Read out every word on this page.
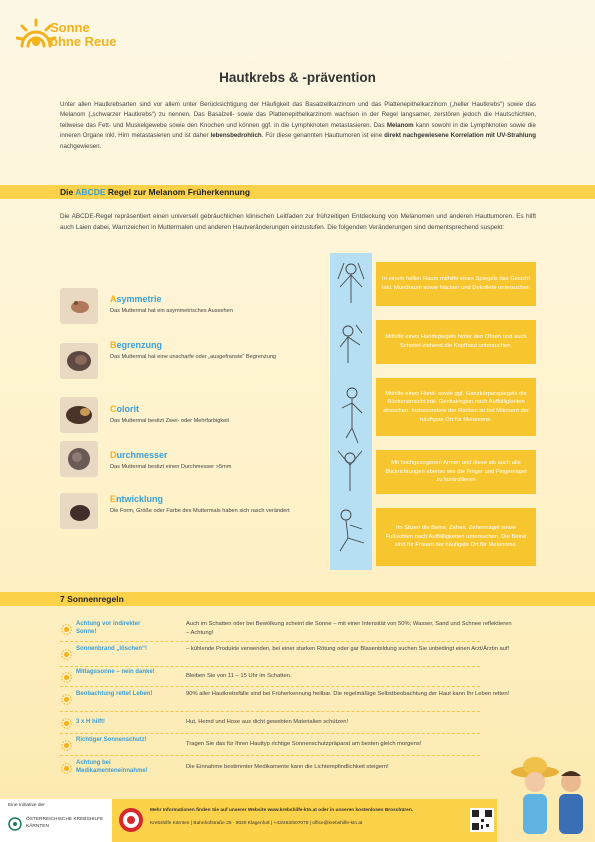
Sonne
ohne Reue
Hautkrebs & -prävention
Unter allen Hautkrebsarten sind vor allem unter Berücksichtigung der Häufigkeit das Basalzellkarzinom und das Plattenepithelkarzinom („heller Hautkrebs“) sowie das Melanom („schwarzer Hautkrebs“) zu nennen. Das Basalzell- sowie das Plattenepithelkarzinom wachsen in der Regel langsamer, zerstören jedoch die Hautschichten, teilweise das Fett- und Muskelgewebe sowie den Knochen und können ggf. in die Lymphknoten metastasieren. Das Melanom kann sowohl in die Lymphknoten sowie die inneren Organe inkl. Hirn metastasieren und ist daher lebensbedrohlich. Für diese genannten Hauttumoren ist eine direkt nachgewiesene Korrelation mit UV-Strahlung nachgewiesen.
Die ABCDE Regel zur Melanom Früherkennung
Die ABCDE-Regel repräsentiert einen universell gebräuchlichen klinischen Leitfaden zur frühzeitigen Entdeckung von Melanomen und anderen Hauttumoren. Es hilft auch Laien dabei, Warnzeichen in Muttermalen und anderen Hautveränderungen einzustufen. Die folgenden Veränderungen sind dementsprechend suspekt:
Asymmetrie
Das Muttermal hat ein asymmetrisches Aussehen
Begrenzung
Das Muttermal hat eine unscharfe oder „ausgefranste“ Begrenzung
Colorit
Das Muttermal besitzt Zwei- oder Mehrfarbigkeit
Durchmesser
Das Muttermal besitzt einen Durchmesser >5mm
Entwicklung
Die Form, Größe oder Farbe des Muttermals haben sich rasch verändert
In einem hellen Raum mithilfe eines Spiegels das Gesicht inkl. Mundraum sowie Nacken und Dekolleté untersuchen
Mithilfe eines Handspiegels hinter den Ohren und auch Scheitel-ziehend die Kopfhaut untersuchen.
Mithilfe eines Hand- sowie ggf. Ganzkörperspiegels die Rückenansicht inkl. Genitalregion nach Auffälligkeiten absuchen. Insbesondere der Rücken ist bei Männern der häufigste Ort für Melanome.
Mit hochgezogenen Armen und diese als auch alle Blickrichtungen ebenso wie die Finger und Fingernägel zu kontrollieren
Im Sitzen die Beine, Zehen, Zehennägel sowie Fußsohlen nach Auffälligkeiten untersuchen. Die Beine sind für Frauen der häufigste Ort für Melanome.
7 Sonnenregeln
Achtung vor indirekter Sonne!
Auch im Schatten oder bei Bewölkung scheint die Sonne – mit einer Intensität von 50%; Wasser, Sand und Schnee reflektieren – Achtung!
Sonnenbrand „löschen“!	– kühlende Produkte verwenden, bei einer starken Rötung oder gar Blasenbildung suchen Sie unbedingt einen Arzt/Ärztin auf!
Mittagssonne – nein danke!
Bleiben Sie von 11 – 15 Uhr im Schatten.
Beobachtung rettet Leben!	90% aller Hautkrebsfälle sind bei Früherkennung heilbar. Die regelmäßige Selbstbeobachtung der Haut kann Ihr Leben retten!
3 x H hilft!	Hut, Hemd und Hose aus dicht gewebten Materialien schützen!
Richtiger Sonnenschutz!
Tragen Sie das für Ihren Hauttyp richtige Sonnenschutzpräparat am besten gleich morgens!
Achtung bei Medikamenteneinnahme!
Die Einnahme bestimmter Medikamente kann die Lichtempfindlichkeit steigern!
Eine Initiative der
ÖSTERREICHISCHE KREBSHILFE KÄRNTEN
Mehr Informationen finden Sie auf unserer Website www.krebshilfe-ktn.at oder in unseren kostenlosen Broschüren.
Krebshilfe Kärnten | Bahnhofstraße 25 · 9020 Klagenfurt | +43/463/507078 | office@krebshilfe-ktn.at
